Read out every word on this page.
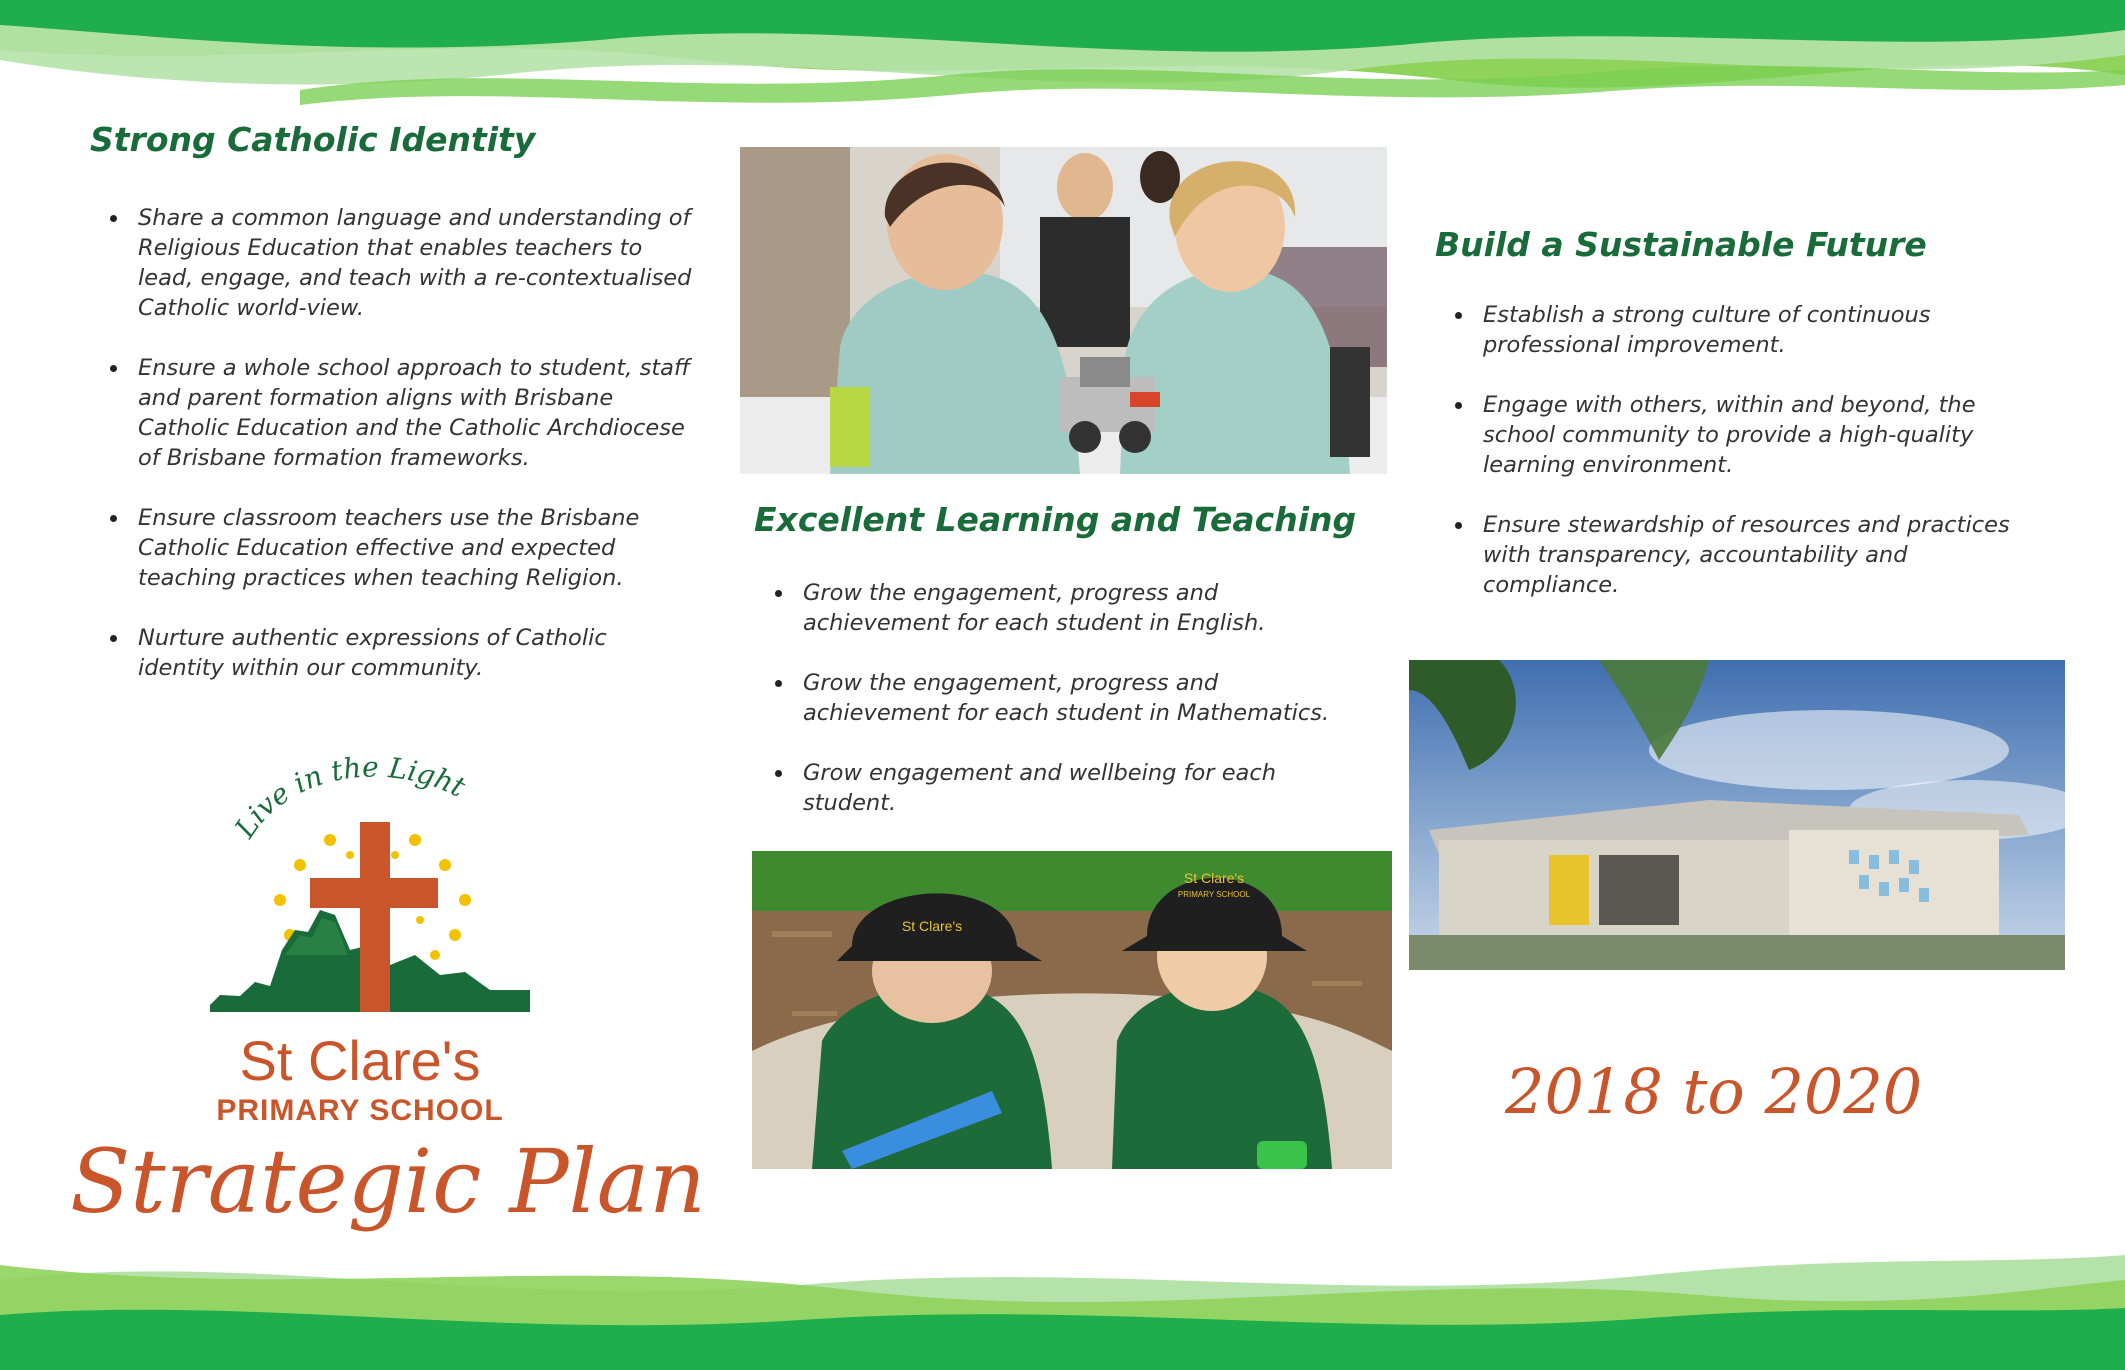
Strong Catholic Identity
Share a common language and understanding of Religious Education that enables teachers to lead, engage, and teach with a re-contextualised Catholic world-view.
Ensure a whole school approach to student, staff and parent formation aligns with Brisbane Catholic Education and the Catholic Archdiocese of Brisbane formation frameworks.
Ensure classroom teachers use the Brisbane Catholic Education effective and expected teaching practices when teaching Religion.
Nurture authentic expressions of Catholic identity within our community.
Live in the Light
St Clare's
PRIMARY SCHOOL
Strategic Plan
Excellent Learning and Teaching
Grow the engagement, progress and achievement for each student in English.
Grow the engagement, progress and achievement for each student in Mathematics.
Grow engagement and wellbeing for each student.
St Clare's
St Clare's
PRIMARY SCHOOL
Build a Sustainable Future
Establish a strong culture of continuous professional improvement.
Engage with others, within and beyond, the school community to provide a high-quality learning environment.
Ensure stewardship of resources and practices with transparency, accountability and compliance.
2018 to 2020
